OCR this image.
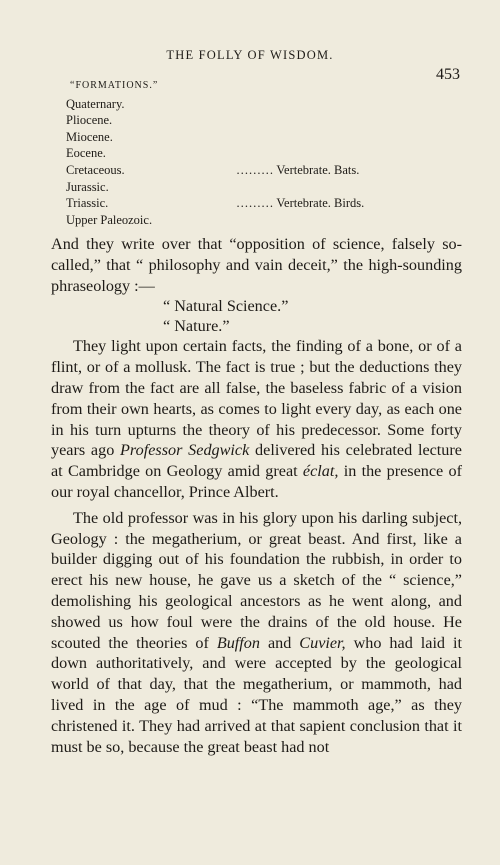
THE FOLLY OF WISDOM.
453
“FORMATIONS.”
Quaternary.
Pliocene.
Miocene.
Eocene.
Cretaceous.	……… Vertebrate. Bats.
Jurassic.
Triassic.	……… Vertebrate. Birds.
Upper Paleozoic.

And they write over that “opposition of science, falsely so-called,” that “ philosophy and vain deceit,” the high-sounding phraseology :—

“ Natural Science.”

“ Nature.”

They light upon certain facts, the finding of a bone, or of a flint, or of a mollusk. The fact is true ; but the deductions they draw from the fact are all false, the baseless fabric of a vision from their own hearts, as comes to light every day, as each one in his turn upturns the theory of his predecessor. Some forty years ago Professor Sedgwick delivered his celebrated lecture at Cambridge on Geology amid great éclat, in the presence of our royal chancellor, Prince Albert.

The old professor was in his glory upon his darling subject, Geology : the megatherium, or great beast. And first, like a builder digging out of his foundation the rubbish, in order to erect his new house, he gave us a sketch of the “ science,” demolishing his geological ancestors as he went along, and showed us how foul were the drains of the old house. He scouted the theories of Buffon and Cuvier, who had laid it down authoritatively, and were accepted by the geological world of that day, that the megatherium, or mammoth, had lived in the age of mud : “The mammoth age,” as they christened it. They had arrived at that sapient conclusion that it must be so, because the great beast had not
